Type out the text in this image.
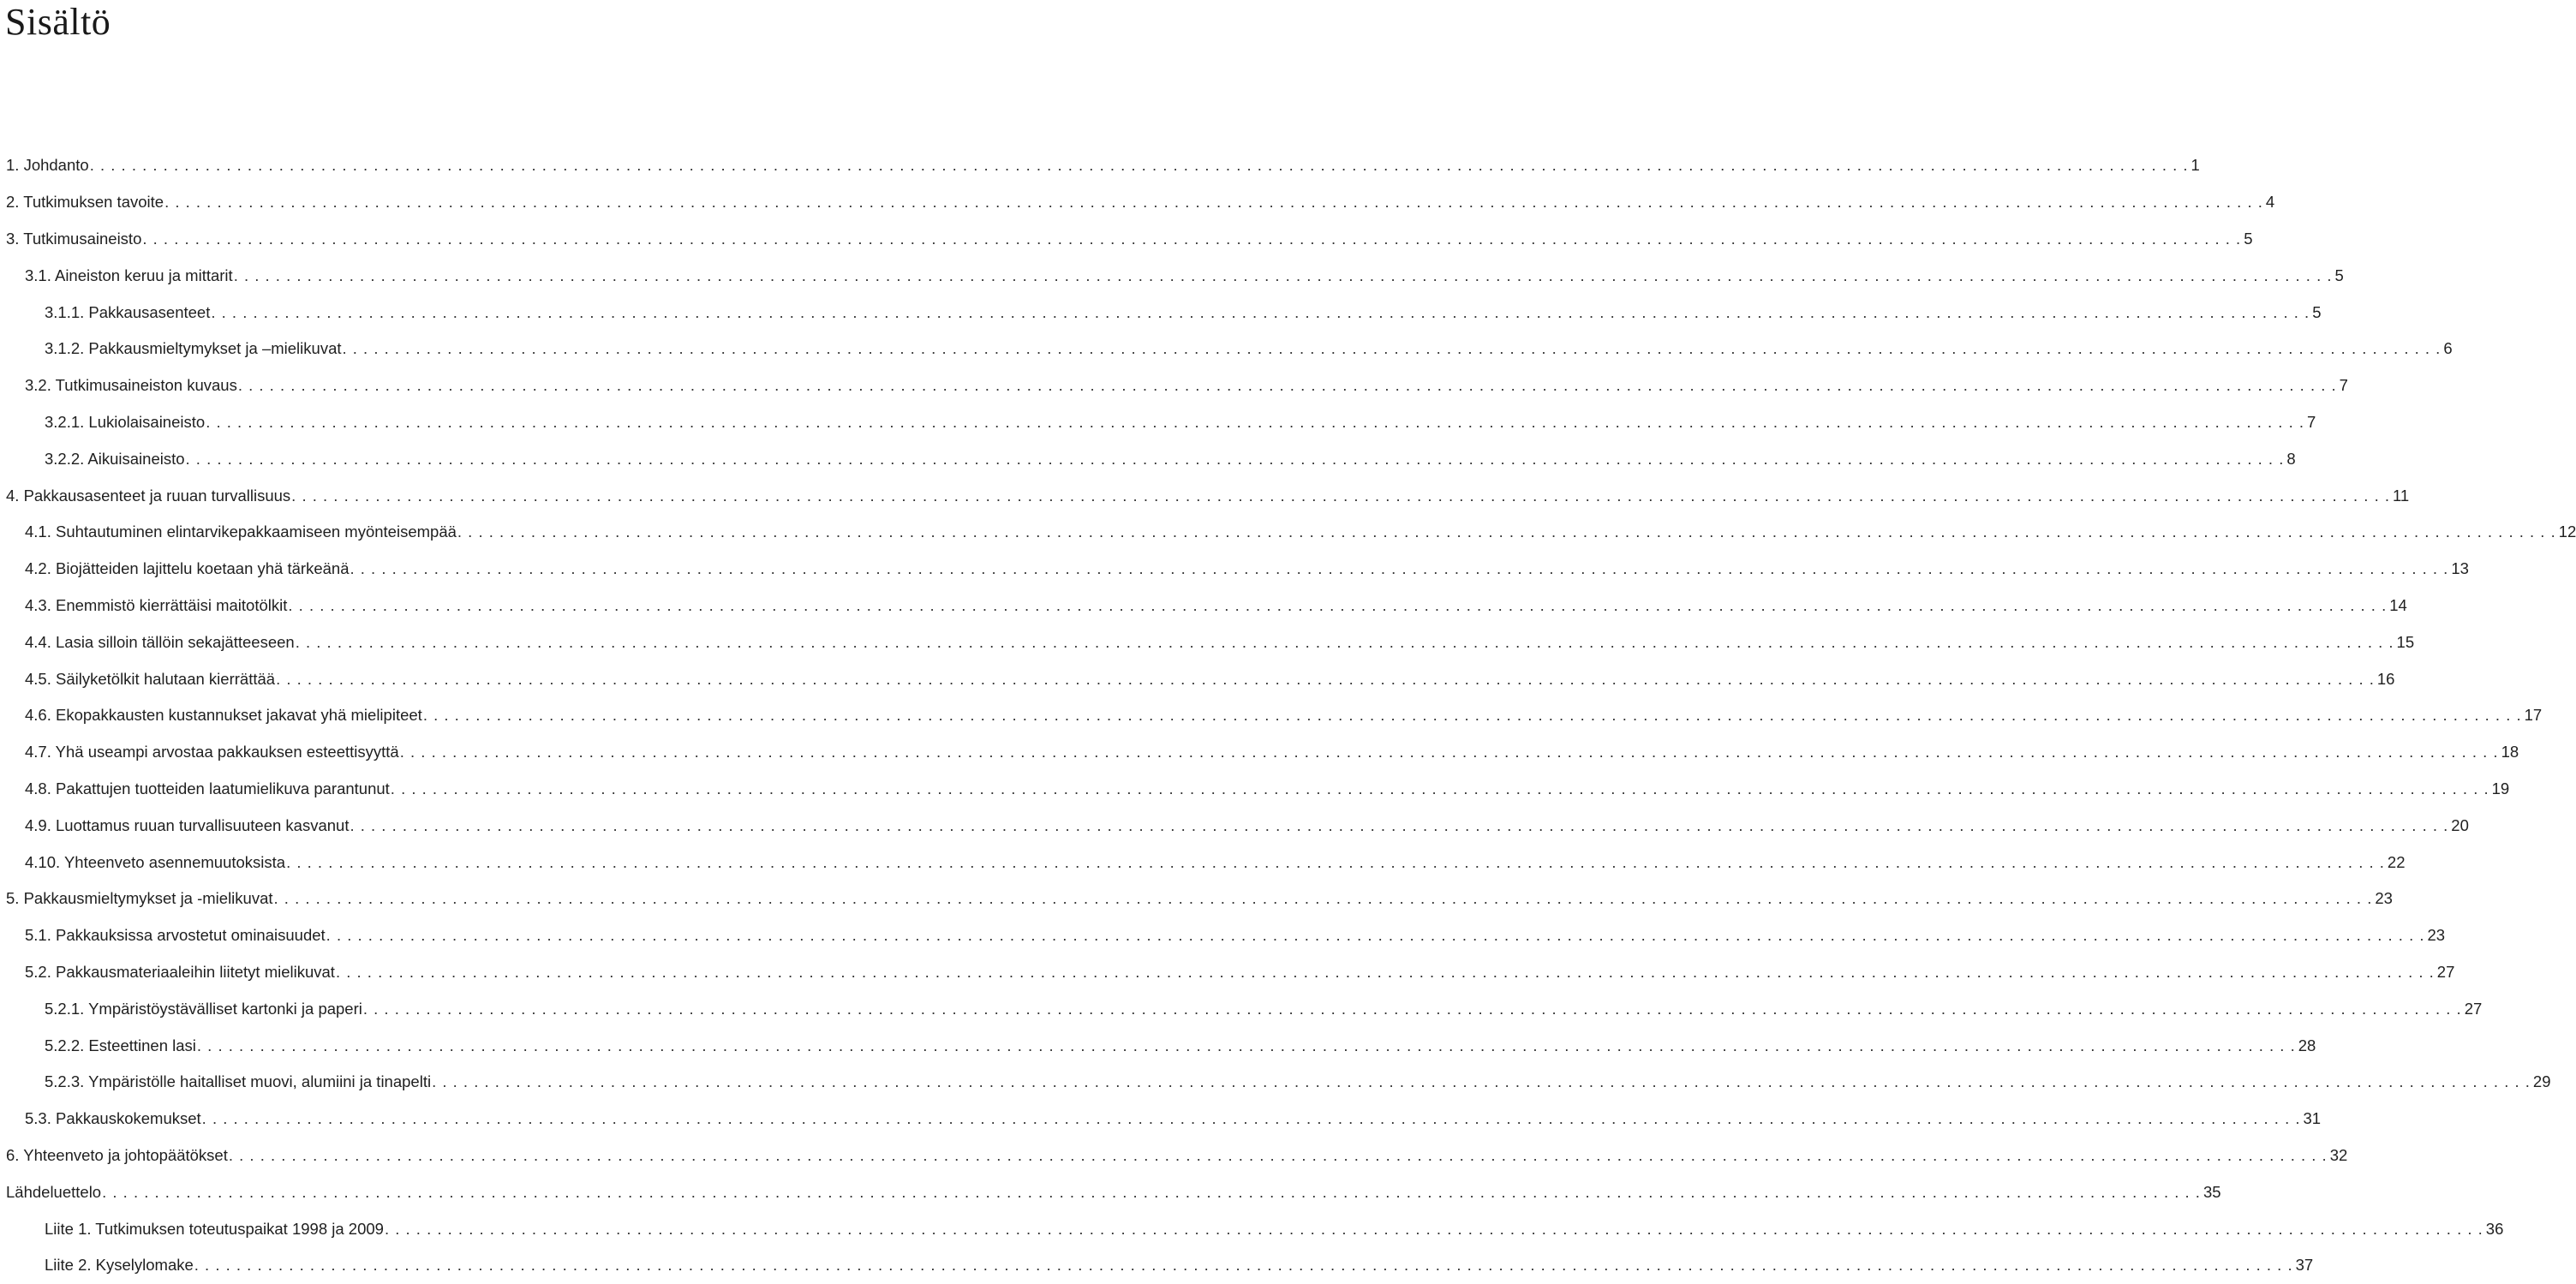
Sisältö
1. Johdanto . . . . . . . . . . . . . . . . . . . . . . . . . . . . . . . . . . . . . . . . . . . . . . . . . . . . . . . . . . . . . . . . . . . . . . . . . . . . . . . . . . . . . . . . . . . . . . . . . . . . . . . . . . . . . . . . . . . . . . . . . . . . . . . . . . . . . . . . . . . . . . . . . . . . . . . . . . . . . . . . . . . . . . . . . . . . . . . . . . . . . . . . . . . . . . . . . . . . . . . . 1
2. Tutkimuksen tavoite . . . . . . . . . . . . . . . . . . . . . . . . . . . . . . . . . . . . . . . . . . . . . . . . . . . . . . . . . . . . . . . . . . . . . . . . . . . . . . . . . . . . . . . . . . . . . . . . . . . . . . . . . . . . . . . . . . . . . . . . . . . . . . . . . . . . . . . . . . . . . . . . . . . . . . . . . . . . . . . . . . . . . . . . . . . . . . . . . . . . . . . . . . . . . . . . . . . . . . . . 4
3. Tutkimusaineisto . . . . . . . . . . . . . . . . . . . . . . . . . . . . . . . . . . . . . . . . . . . . . . . . . . . . . . . . . . . . . . . . . . . . . . . . . . . . . . . . . . . . . . . . . . . . . . . . . . . . . . . . . . . . . . . . . . . . . . . . . . . . . . . . . . . . . . . . . . . . . . . . . . . . . . . . . . . . . . . . . . . . . . . . . . . . . . . . . . . . . . . . . . . . . . . . . . . . . . . . 5
3.1. Aineiston keruu ja mittarit . . . . . . . . . . . . . . . . . . . . . . . . . . . . . . . . . . . . . . . . . . . . . . . . . . . . . . . . . . . . . . . . . . . . . . . . . . . . . . . . . . . . . . . . . . . . . . . . . . . . . . . . . . . . . . . . . . . . . . . . . . . . . . . . . . . . . . . . . . . . . . . . . . . . . . . . . . . . . . . . . . . . . . . . . . . . . . . . . . . . . . . . . . . . . . . . . . . . . . . . 5
3.1.1. Pakkausasenteet . . . . . . . . . . . . . . . . . . . . . . . . . . . . . . . . . . . . . . . . . . . . . . . . . . . . . . . . . . . . . . . . . . . . . . . . . . . . . . . . . . . . . . . . . . . . . . . . . . . . . . . . . . . . . . . . . . . . . . . . . . . . . . . . . . . . . . . . . . . . . . . . . . . . . . . . . . . . . . . . . . . . . . . . . . . . . . . . . . . . . . . . . . . . . . . . . . . . . . . . 5
3.1.2. Pakkausmieltymykset ja –mielikuvat . . . . . . . . . . . . . . . . . . . . . . . . . . . . . . . . . . . . . . . . . . . . . . . . . . . . . . . . . . . . . . . . . . . . . . . . . . . . . . . . . . . . . . . . . . . . . . . . . . . . . . . . . . . . . . . . . . . . . . . . . . . . . . . . . . . . . . . . . . . . . . . . . . . . . . . . . . . . . . . . . . . . . . . . . . . . . . . . . . . . . . . . . . . . . . . . . . . . . . . . 6
3.2. Tutkimusaineiston kuvaus . . . . . . . . . . . . . . . . . . . . . . . . . . . . . . . . . . . . . . . . . . . . . . . . . . . . . . . . . . . . . . . . . . . . . . . . . . . . . . . . . . . . . . . . . . . . . . . . . . . . . . . . . . . . . . . . . . . . . . . . . . . . . . . . . . . . . . . . . . . . . . . . . . . . . . . . . . . . . . . . . . . . . . . . . . . . . . . . . . . . . . . . . . . . . . . . . . . . . . . . 7
3.2.1. Lukiolaisaineisto . . . . . . . . . . . . . . . . . . . . . . . . . . . . . . . . . . . . . . . . . . . . . . . . . . . . . . . . . . . . . . . . . . . . . . . . . . . . . . . . . . . . . . . . . . . . . . . . . . . . . . . . . . . . . . . . . . . . . . . . . . . . . . . . . . . . . . . . . . . . . . . . . . . . . . . . . . . . . . . . . . . . . . . . . . . . . . . . . . . . . . . . . . . . . . . . . . . . . . . . 7
3.2.2. Aikuisaineisto . . . . . . . . . . . . . . . . . . . . . . . . . . . . . . . . . . . . . . . . . . . . . . . . . . . . . . . . . . . . . . . . . . . . . . . . . . . . . . . . . . . . . . . . . . . . . . . . . . . . . . . . . . . . . . . . . . . . . . . . . . . . . . . . . . . . . . . . . . . . . . . . . . . . . . . . . . . . . . . . . . . . . . . . . . . . . . . . . . . . . . . . . . . . . . . . . . . . . . . . 8
4. Pakkausasenteet ja ruuan turvallisuus . . . . . . . . . . . . . . . . . . . . . . . . . . . . . . . . . . . . . . . . . . . . . . . . . . . . . . . . . . . . . . . . . . . . . . . . . . . . . . . . . . . . . . . . . . . . . . . . . . . . . . . . . . . . . . . . . . . . . . . . . . . . . . . . . . . . . . . . . . . . . . . . . . . . . . . . . . . . . . . . . . . . . . . . . . . . . . . . . . . . . . . . . . . . . . . . . . . . . . . . 11
4.1. Suhtautuminen elintarvikepakkaamiseen myönteisempää . . . . . . . . . . . . . . . . . . . . . . . . . . . . . . . . . . . . . . . . . . . . . . . . . . . . . . . . . . . . . . . . . . . . . . . . . . . . . . . . . . . . . . . . . . . . . . . . . . . . . . . . . . . . . . . . . . . . . . . . . . . . . . . . . . . . . . . . . . . . . . . . . . . . . . . . . . . . . . . . . . . . . . . . . . . . . . . . . . . . . . . . . . . . . . . . . . . . . . . . 12
4.2. Biojätteiden lajittelu koetaan yhä tärkeänä . . . . . . . . . . . . . . . . . . . . . . . . . . . . . . . . . . . . . . . . . . . . . . . . . . . . . . . . . . . . . . . . . . . . . . . . . . . . . . . . . . . . . . . . . . . . . . . . . . . . . . . . . . . . . . . . . . . . . . . . . . . . . . . . . . . . . . . . . . . . . . . . . . . . . . . . . . . . . . . . . . . . . . . . . . . . . . . . . . . . . . . . . . . . . . . . . . . . . . . . 13
4.3. Enemmistö kierrättäisi maitotölkit . . . . . . . . . . . . . . . . . . . . . . . . . . . . . . . . . . . . . . . . . . . . . . . . . . . . . . . . . . . . . . . . . . . . . . . . . . . . . . . . . . . . . . . . . . . . . . . . . . . . . . . . . . . . . . . . . . . . . . . . . . . . . . . . . . . . . . . . . . . . . . . . . . . . . . . . . . . . . . . . . . . . . . . . . . . . . . . . . . . . . . . . . . . . . . . . . . . . . . . . 14
4.4. Lasia silloin tällöin sekajätteeseen . . . . . . . . . . . . . . . . . . . . . . . . . . . . . . . . . . . . . . . . . . . . . . . . . . . . . . . . . . . . . . . . . . . . . . . . . . . . . . . . . . . . . . . . . . . . . . . . . . . . . . . . . . . . . . . . . . . . . . . . . . . . . . . . . . . . . . . . . . . . . . . . . . . . . . . . . . . . . . . . . . . . . . . . . . . . . . . . . . . . . . . . . . . . . . . . . . . . . . . . 15
4.5. Säilyketölkit halutaan kierrättää . . . . . . . . . . . . . . . . . . . . . . . . . . . . . . . . . . . . . . . . . . . . . . . . . . . . . . . . . . . . . . . . . . . . . . . . . . . . . . . . . . . . . . . . . . . . . . . . . . . . . . . . . . . . . . . . . . . . . . . . . . . . . . . . . . . . . . . . . . . . . . . . . . . . . . . . . . . . . . . . . . . . . . . . . . . . . . . . . . . . . . . . . . . . . . . . . . . . . . . . 16
4.6. Ekopakkausten kustannukset jakavat yhä mielipiteet . . . . . . . . . . . . . . . . . . . . . . . . . . . . . . . . . . . . . . . . . . . . . . . . . . . . . . . . . . . . . . . . . . . . . . . . . . . . . . . . . . . . . . . . . . . . . . . . . . . . . . . . . . . . . . . . . . . . . . . . . . . . . . . . . . . . . . . . . . . . . . . . . . . . . . . . . . . . . . . . . . . . . . . . . . . . . . . . . . . . . . . . . . . . . . . . . . . . . . . . 17
4.7. Yhä useampi arvostaa pakkauksen esteettisyyttä . . . . . . . . . . . . . . . . . . . . . . . . . . . . . . . . . . . . . . . . . . . . . . . . . . . . . . . . . . . . . . . . . . . . . . . . . . . . . . . . . . . . . . . . . . . . . . . . . . . . . . . . . . . . . . . . . . . . . . . . . . . . . . . . . . . . . . . . . . . . . . . . . . . . . . . . . . . . . . . . . . . . . . . . . . . . . . . . . . . . . . . . . . . . . . . . . . . . . . . . 18
4.8. Pakattujen tuotteiden laatumielikuva parantunut . . . . . . . . . . . . . . . . . . . . . . . . . . . . . . . . . . . . . . . . . . . . . . . . . . . . . . . . . . . . . . . . . . . . . . . . . . . . . . . . . . . . . . . . . . . . . . . . . . . . . . . . . . . . . . . . . . . . . . . . . . . . . . . . . . . . . . . . . . . . . . . . . . . . . . . . . . . . . . . . . . . . . . . . . . . . . . . . . . . . . . . . . . . . . . . . . . . . . . . . 19
4.9. Luottamus ruuan turvallisuuteen kasvanut . . . . . . . . . . . . . . . . . . . . . . . . . . . . . . . . . . . . . . . . . . . . . . . . . . . . . . . . . . . . . . . . . . . . . . . . . . . . . . . . . . . . . . . . . . . . . . . . . . . . . . . . . . . . . . . . . . . . . . . . . . . . . . . . . . . . . . . . . . . . . . . . . . . . . . . . . . . . . . . . . . . . . . . . . . . . . . . . . . . . . . . . . . . . . . . . . . . . . . . . 20
4.10. Yhteenveto asennemuutoksista . . . . . . . . . . . . . . . . . . . . . . . . . . . . . . . . . . . . . . . . . . . . . . . . . . . . . . . . . . . . . . . . . . . . . . . . . . . . . . . . . . . . . . . . . . . . . . . . . . . . . . . . . . . . . . . . . . . . . . . . . . . . . . . . . . . . . . . . . . . . . . . . . . . . . . . . . . . . . . . . . . . . . . . . . . . . . . . . . . . . . . . . . . . . . . . . . . . . . . . . 22
5. Pakkausmieltymykset ja -mielikuvat . . . . . . . . . . . . . . . . . . . . . . . . . . . . . . . . . . . . . . . . . . . . . . . . . . . . . . . . . . . . . . . . . . . . . . . . . . . . . . . . . . . . . . . . . . . . . . . . . . . . . . . . . . . . . . . . . . . . . . . . . . . . . . . . . . . . . . . . . . . . . . . . . . . . . . . . . . . . . . . . . . . . . . . . . . . . . . . . . . . . . . . . . . . . . . . . . . . . . . . . 23
5.1. Pakkauksissa arvostetut ominaisuudet . . . . . . . . . . . . . . . . . . . . . . . . . . . . . . . . . . . . . . . . . . . . . . . . . . . . . . . . . . . . . . . . . . . . . . . . . . . . . . . . . . . . . . . . . . . . . . . . . . . . . . . . . . . . . . . . . . . . . . . . . . . . . . . . . . . . . . . . . . . . . . . . . . . . . . . . . . . . . . . . . . . . . . . . . . . . . . . . . . . . . . . . . . . . . . . . . . . . . . . . 23
5.2. Pakkausmateriaaleihin liitetyt mielikuvat . . . . . . . . . . . . . . . . . . . . . . . . . . . . . . . . . . . . . . . . . . . . . . . . . . . . . . . . . . . . . . . . . . . . . . . . . . . . . . . . . . . . . . . . . . . . . . . . . . . . . . . . . . . . . . . . . . . . . . . . . . . . . . . . . . . . . . . . . . . . . . . . . . . . . . . . . . . . . . . . . . . . . . . . . . . . . . . . . . . . . . . . . . . . . . . . . . . . . . . . 27
5.2.1. Ympäristöystävälliset kartonki ja paperi . . . . . . . . . . . . . . . . . . . . . . . . . . . . . . . . . . . . . . . . . . . . . . . . . . . . . . . . . . . . . . . . . . . . . . . . . . . . . . . . . . . . . . . . . . . . . . . . . . . . . . . . . . . . . . . . . . . . . . . . . . . . . . . . . . . . . . . . . . . . . . . . . . . . . . . . . . . . . . . . . . . . . . . . . . . . . . . . . . . . . . . . . . . . . . . . . . . . . . . . 27
5.2.2. Esteettinen lasi . . . . . . . . . . . . . . . . . . . . . . . . . . . . . . . . . . . . . . . . . . . . . . . . . . . . . . . . . . . . . . . . . . . . . . . . . . . . . . . . . . . . . . . . . . . . . . . . . . . . . . . . . . . . . . . . . . . . . . . . . . . . . . . . . . . . . . . . . . . . . . . . . . . . . . . . . . . . . . . . . . . . . . . . . . . . . . . . . . . . . . . . . . . . . . . . . . . . . . . . 28
5.2.3. Ympäristölle haitalliset muovi, alumiini ja tinapelti . . . . . . . . . . . . . . . . . . . . . . . . . . . . . . . . . . . . . . . . . . . . . . . . . . . . . . . . . . . . . . . . . . . . . . . . . . . . . . . . . . . . . . . . . . . . . . . . . . . . . . . . . . . . . . . . . . . . . . . . . . . . . . . . . . . . . . . . . . . . . . . . . . . . . . . . . . . . . . . . . . . . . . . . . . . . . . . . . . . . . . . . . . . . . . . . . . . . . . . . 29
5.3. Pakkauskokemukset . . . . . . . . . . . . . . . . . . . . . . . . . . . . . . . . . . . . . . . . . . . . . . . . . . . . . . . . . . . . . . . . . . . . . . . . . . . . . . . . . . . . . . . . . . . . . . . . . . . . . . . . . . . . . . . . . . . . . . . . . . . . . . . . . . . . . . . . . . . . . . . . . . . . . . . . . . . . . . . . . . . . . . . . . . . . . . . . . . . . . . . . . . . . . . . . . . . . . . . . 31
6. Yhteenveto ja johtopäätökset . . . . . . . . . . . . . . . . . . . . . . . . . . . . . . . . . . . . . . . . . . . . . . . . . . . . . . . . . . . . . . . . . . . . . . . . . . . . . . . . . . . . . . . . . . . . . . . . . . . . . . . . . . . . . . . . . . . . . . . . . . . . . . . . . . . . . . . . . . . . . . . . . . . . . . . . . . . . . . . . . . . . . . . . . . . . . . . . . . . . . . . . . . . . . . . . . . . . . . . . 32
Lähdeluettelo . . . . . . . . . . . . . . . . . . . . . . . . . . . . . . . . . . . . . . . . . . . . . . . . . . . . . . . . . . . . . . . . . . . . . . . . . . . . . . . . . . . . . . . . . . . . . . . . . . . . . . . . . . . . . . . . . . . . . . . . . . . . . . . . . . . . . . . . . . . . . . . . . . . . . . . . . . . . . . . . . . . . . . . . . . . . . . . . . . . . . . . . . . . . . . . . . . . . . . . . 35
Liite 1. Tutkimuksen toteutuspaikat 1998 ja 2009 . . . . . . . . . . . . . . . . . . . . . . . . . . . . . . . . . . . . . . . . . . . . . . . . . . . . . . . . . . . . . . . . . . . . . . . . . . . . . . . . . . . . . . . . . . . . . . . . . . . . . . . . . . . . . . . . . . . . . . . . . . . . . . . . . . . . . . . . . . . . . . . . . . . . . . . . . . . . . . . . . . . . . . . . . . . . . . . . . . . . . . . . . . . . . . . . . . . . . . . . 36
Liite 2. Kyselylomake . . . . . . . . . . . . . . . . . . . . . . . . . . . . . . . . . . . . . . . . . . . . . . . . . . . . . . . . . . . . . . . . . . . . . . . . . . . . . . . . . . . . . . . . . . . . . . . . . . . . . . . . . . . . . . . . . . . . . . . . . . . . . . . . . . . . . . . . . . . . . . . . . . . . . . . . . . . . . . . . . . . . . . . . . . . . . . . . . . . . . . . . . . . . . . . . . . . . . . . . 37
